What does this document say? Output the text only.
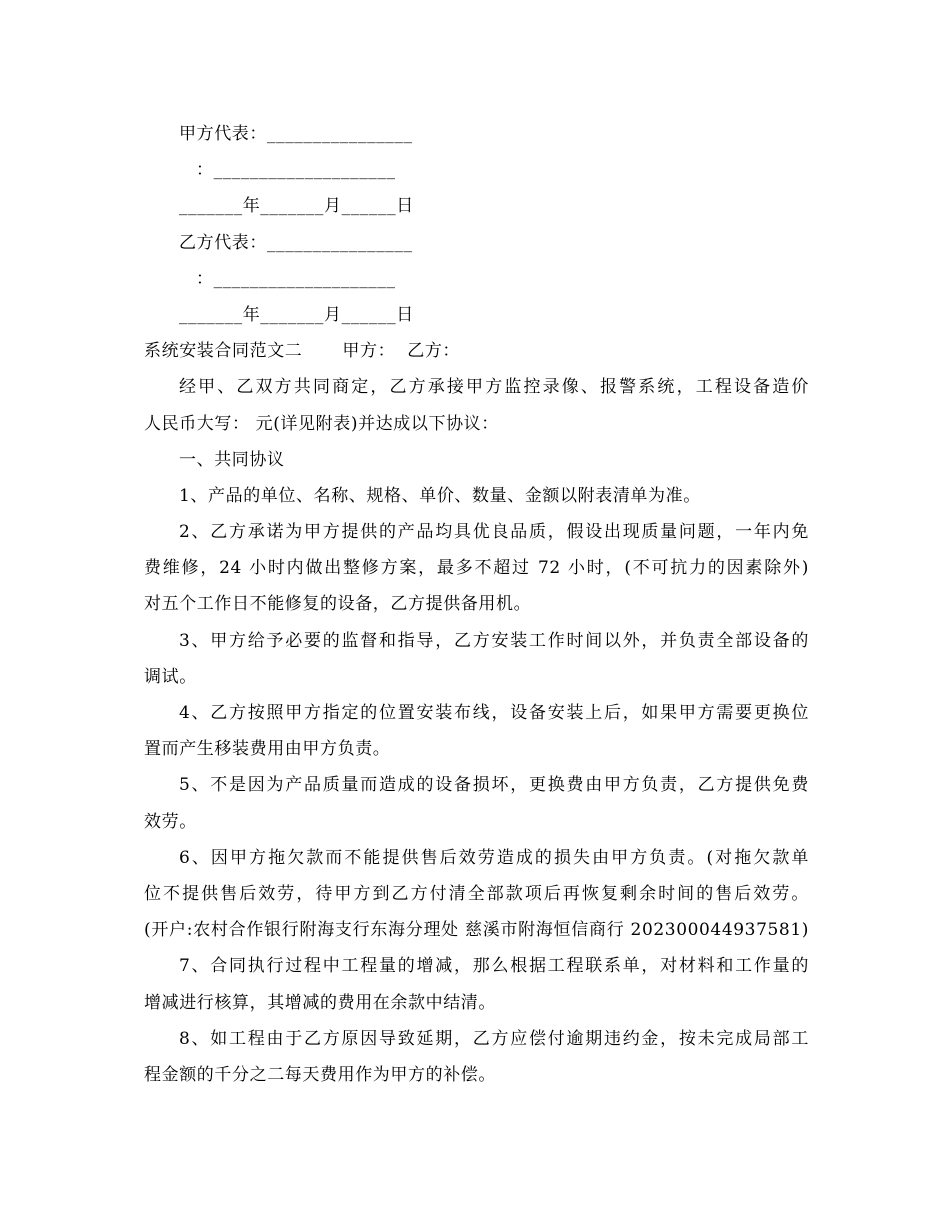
甲方代表：________________
：____________________
_______年_______月______日
乙方代表：________________
：____________________
_______年_______月______日
系统安装合同范文二 甲方： 乙方：
经甲、乙双方共同商定，乙方承接甲方监控录像、报警系统，工程设备造价
人民币大写： 元(详见附表)并达成以下协议：
一、共同协议
1、产品的单位、名称、规格、单价、数量、金额以附表清单为准。
2、乙方承诺为甲方提供的产品均具优良品质，假设出现质量问题，一年内免
费维修，24 小时内做出整修方案，最多不超过 72 小时，(不可抗力的因素除外)
对五个工作日不能修复的设备，乙方提供备用机。
3、甲方给予必要的监督和指导，乙方安装工作时间以外，并负责全部设备的
调试。
4、乙方按照甲方指定的位置安装布线，设备安装上后，如果甲方需要更换位
置而产生移装费用由甲方负责。
5、不是因为产品质量而造成的设备损坏，更换费由甲方负责，乙方提供免费
效劳。
6、因甲方拖欠款而不能提供售后效劳造成的损失由甲方负责。(对拖欠款单
位不提供售后效劳，待甲方到乙方付清全部款项后再恢复剩余时间的售后效劳。
(开户:农村合作银行附海支行东海分理处 慈溪市附海恒信商行 202300044937581)
7、合同执行过程中工程量的增减，那么根据工程联系单，对材料和工作量的
增减进行核算，其增减的费用在余款中结清。
8、如工程由于乙方原因导致延期，乙方应偿付逾期违约金，按未完成局部工
程金额的千分之二每天费用作为甲方的补偿。
